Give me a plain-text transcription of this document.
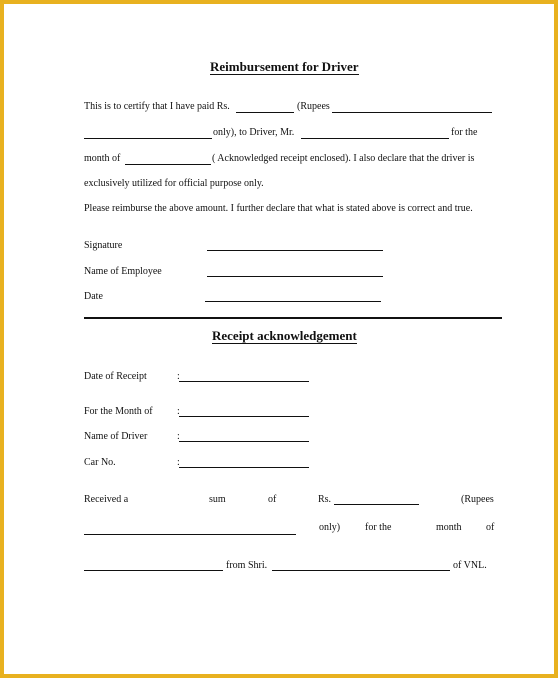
Reimbursement for Driver
This is to certify that I have paid Rs.	(Rupees
only), to Driver, Mr.	for the
month of	( Acknowledged receipt enclosed). I also declare that the driver is
exclusively utilized for official purpose only.
Please reimburse the above amount. I further declare that what is stated above is correct and true.
Signature
Name of Employee
Date
Receipt acknowledgement
Date of Receipt	:
For the Month of :
Name of Driver	:
Car No.	:
Received a	sum	of	Rs.	(Rupees
only) for the	month of
from Shri.	of VNL.
